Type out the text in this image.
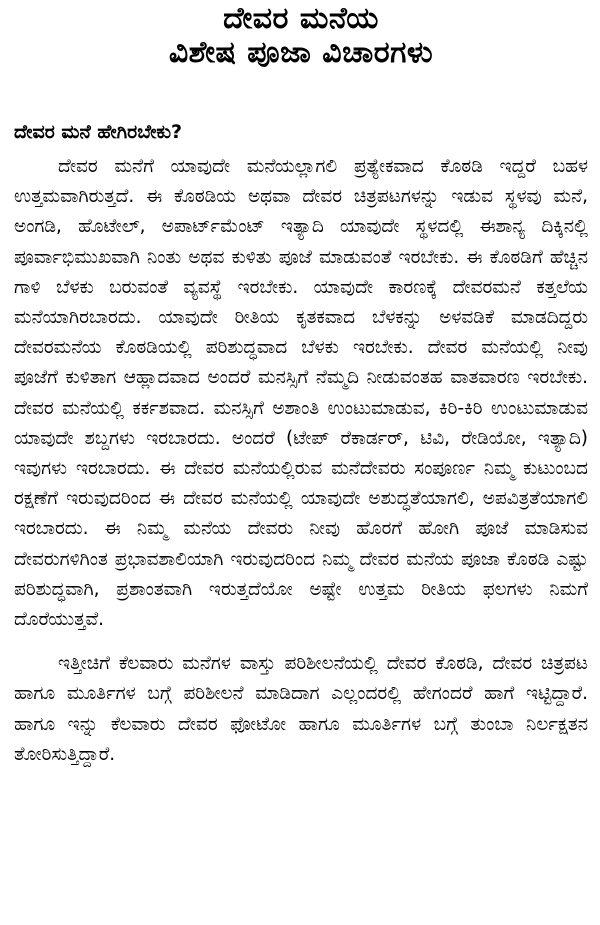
ದೇವರ ಮನೆಯ
ವಿಶೇಷ ಪೂಜಾ ವಿಚಾರಗಳು
ದೇವರ ಮನೆ ಹೇಗಿರಬೇಕು?

ದೇವರ ಮನೆಗೆ ಯಾವುದೇ ಮನೆಯಲ್ಲಾಗಲಿ ಪ್ರತ್ಯೇಕವಾದ ಕೊಠಡಿ ಇದ್ದರೆ ಬಹಳ ಉತ್ತಮವಾಗಿರುತ್ತದೆ. ಈ ಕೊಠಡಿಯ ಅಥವಾ ದೇವರ ಚಿತ್ರಪಟಗಳನ್ನು ಇಡುವ ಸ್ಥಳವು ಮನೆ, ಅಂಗಡಿ, ಹೊಟೇಲ್, ಅಪಾರ್ಟ್‌ಮೆಂಟ್ ಇತ್ಯಾದಿ ಯಾವುದೇ ಸ್ಥಳದಲ್ಲಿ ಈಶಾನ್ಯ ದಿಕ್ಕಿನಲ್ಲಿ ಪೂರ್ವಾಭಿಮುಖವಾಗಿ ನಿಂತು ಅಥವ ಕುಳಿತು ಪೂಜೆ ಮಾಡುವಂತೆ ಇರಬೇಕು. ಈ ಕೊಠಡಿಗೆ ಹೆಚ್ಚಿನ ಗಾಳಿ ಬೆಳಕು ಬರುವಂತೆ ವ್ಯವಸ್ಥೆ ಇರಬೇಕು. ಯಾವುದೇ ಕಾರಣಕ್ಕೆ ದೇವರಮನೆ ಕತ್ತಲೆಯ ಮನೆಯಾಗಿರಬಾರದು. ಯಾವುದೇ ರೀತಿಯ ಕೃತಕವಾದ ಬೆಳಕನ್ನು ಅಳವಡಿಕೆ ಮಾಡದಿದ್ದರು ದೇವರಮನೆಯ ಕೊಠಡಿಯಲ್ಲಿ ಪರಿಶುದ್ಧವಾದ ಬೆಳಕು ಇರಬೇಕು. ದೇವರ ಮನೆಯಲ್ಲಿ ನೀವು ಪೂಜೆಗೆ ಕುಳಿತಾಗ ಆಹ್ಲಾದವಾದ ಅಂದರೆ ಮನಸ್ಸಿಗೆ ನೆಮ್ಮದಿ ನೀಡುವಂತಹ ವಾತವಾರಣ ಇರಬೇಕು. ದೇವರ ಮನೆಯಲ್ಲಿ ಕರ್ಕಶವಾದ. ಮನಸ್ಸಿಗೆ ಅಶಾಂತಿ ಉಂಟುಮಾಡುವ, ಕಿರಿ-ಕಿರಿ ಉಂಟುಮಾಡುವ ಯಾವುದೇ ಶಬ್ದಗಳು ಇರಬಾರದು. ಅಂದರೆ (ಟೇಪ್ ರೆಕಾರ್ಡರ್, ಟಿವಿ, ರೇಡಿಯೋ, ಇತ್ಯಾದಿ) ಇವುಗಳು ಇರಬಾರದು. ಈ ದೇವರ ಮನೆಯಲ್ಲಿರುವ ಮನೆದೇವರು ಸಂಪೂರ್ಣ ನಿಮ್ಮ ಕುಟುಂಬದ ರಕ್ಷಣೆಗೆ ಇರುವುದರಿಂದ ಈ ದೇವರ ಮನೆಯಲ್ಲಿ ಯಾವುದೇ ಅಶುದ್ಧತೆಯಾಗಲಿ, ಅಪವಿತ್ರತೆಯಾಗಲಿ ಇರಬಾರದು. ಈ ನಿಮ್ಮ ಮನೆಯ ದೇವರು ನೀವು ಹೊರಗೆ ಹೋಗಿ ಪೂಜೆ ಮಾಡಿಸುವ ದೇವರುಗಳಿಗಿಂತ ಪ್ರಭಾವಶಾಲಿಯಾಗಿ ಇರುವುದರಿಂದ ನಿಮ್ಮ ದೇವರ ಮನೆಯ ಪೂಜಾ ಕೊಠಡಿ ಎಷ್ಟು ಪರಿಶುದ್ಧವಾಗಿ, ಪ್ರಶಾಂತವಾಗಿ ಇರುತ್ತದೆಯೋ ಅಷ್ಟೇ ಉತ್ತಮ ರೀತಿಯ ಫಲಗಳು ನಿಮಗೆ ದೊರೆಯುತ್ತವೆ.

ಇತ್ತೀಚಿಗೆ ಕೆಲವಾರು ಮನೆಗಳ ವಾಸ್ತು ಪರಿಶೀಲನೆಯಲ್ಲಿ ದೇವರ ಕೊಠಡಿ, ದೇವರ ಚಿತ್ರಪಟ ಹಾಗೂ ಮೂರ್ತಿಗಳ ಬಗ್ಗೆ ಪರಿಶೀಲನೆ ಮಾಡಿದಾಗ ಎಲ್ಲಂದರಲ್ಲಿ ಹೇಗಂದರೆ ಹಾಗೆ ಇಟ್ಟಿದ್ದಾರೆ. ಹಾಗೂ ಇನ್ನು ಕೆಲವಾರು ದೇವರ ಫೋಟೋ ಹಾಗೂ ಮೂರ್ತಿಗಳ ಬಗ್ಗೆ ತುಂಬಾ ನಿರ್ಲಕ್ಷತನ ತೋರಿಸುತ್ತಿದ್ದಾರೆ.
